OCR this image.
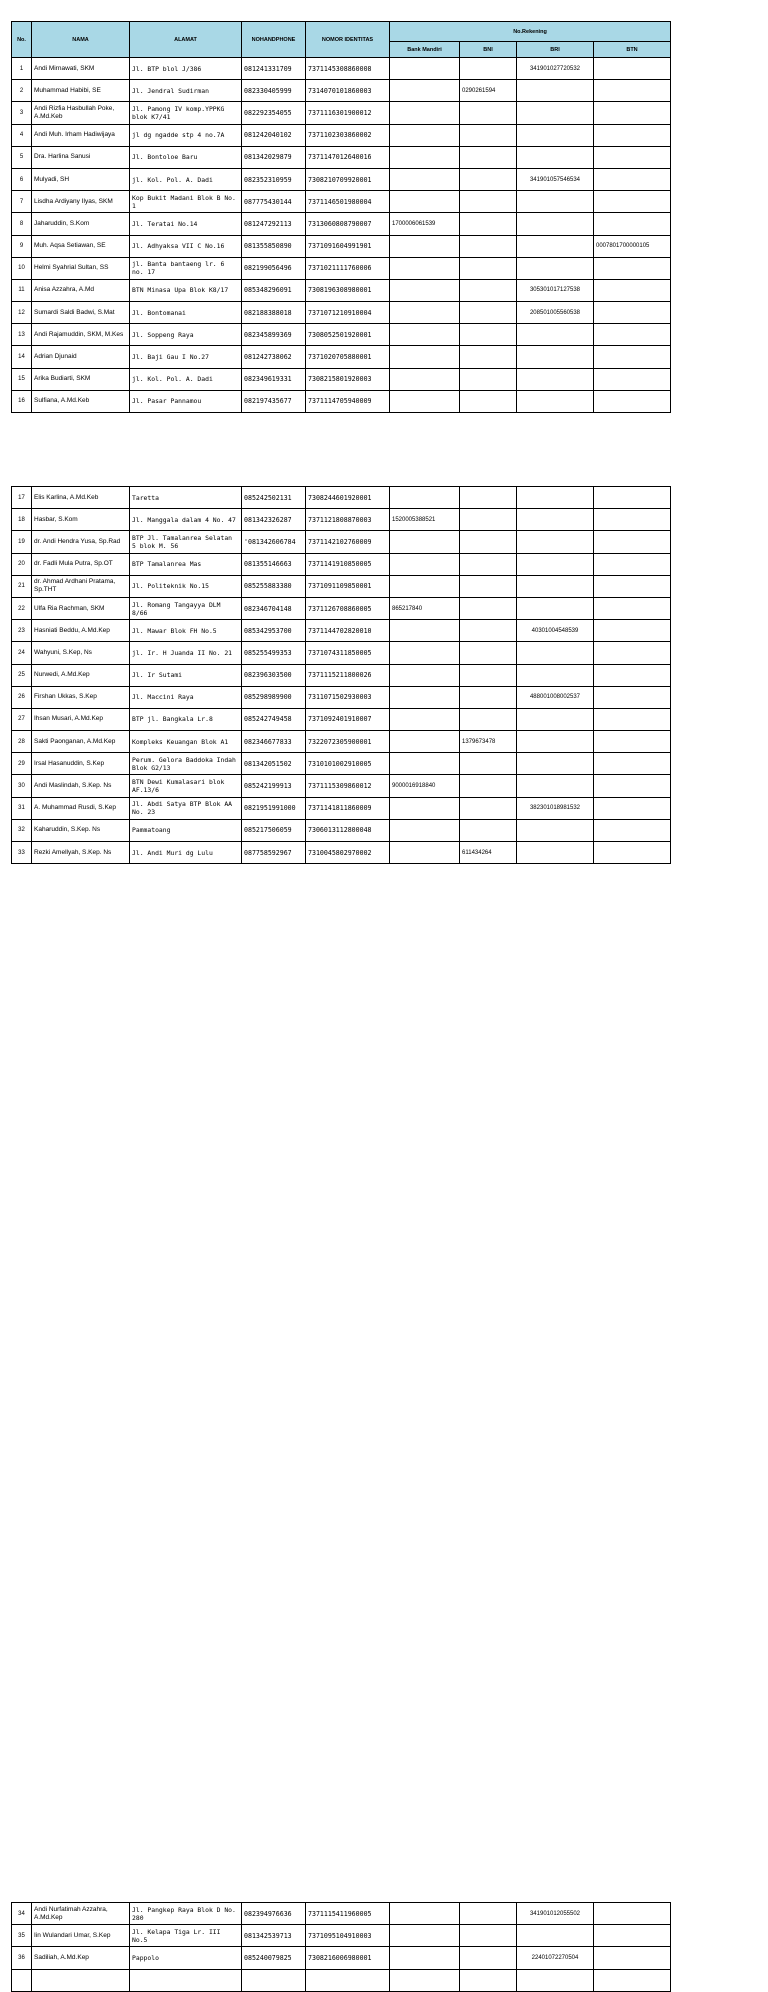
No.	NAMA	ALAMAT	NOHANDPHONE	NOMOR IDENTITAS	No.Rekening			
					Bank Mandiri	BNI	BRI	BTN
1	Andi Mirnawati, SKM	Jl. BTP blol J/386	081241331709	7371145308860008			341901027720532	
2	Muhammad Habibi, SE	Jl. Jendral Sudirman	082330405999	7314070101860003		0290261594		
3	Andi Rizfia Hasbullah Poke, A.Md.Keb	Jl. Pamong IV komp.YPPKG blok K7/41	082292354055	7371116301900012				
4	Andi Muh. Irham Hadiwijaya	jl dg ngadde stp 4 no.7A	081242040102	7371102303860002				
5	Dra. Harlina Sanusi	Jl. Bontoloe Baru	081342029879	7371147012640016				
6	Mulyadi, SH	jl. Kol. Pol. A. Dadi	082352310959	7308210709920001			341901057546534	
7	Lisdha Ardiyany Ilyas, SKM	Kop Bukit Madani Blok B No. 1	087775430144	7371146501980004				
8	Jaharuddin, S.Kom	Jl. Teratai No.14	081247292113	7313060808790007	1700006061539			
9	Muh. Aqsa Setiawan, SE	Jl. Adhyaksa VII C No.16	081355850890	7371091604991901				0007801700000105
10	Helmi Syahrial Sultan, SS	jl. Banta bantaeng lr. 6 no. 17	082199056496	7371021111760006				
11	Anisa Azzahra, A.Md	BTN Minasa Upa Blok K8/17	085348296091	7308196308980001			305301017127538	
12	Sumardi Saldi Badwi, S.Mat	Jl. Bontomanai	082188388018	7371071210910004			208501005560538	
13	Andi Rajamuddin, SKM, M.Kes	Jl. Soppeng Raya	082345899369	7308052501920001				
14	Adrian Djunaid	Jl. Baji Gau I No.27	081242738062	7371020705880001				
15	Arika Budiarti, SKM	jl. Kol. Pol. A. Dadi	082349619331	7308215801920003				
16	Sulfiana, A.Md.Keb	Jl. Pasar Pannamou	082197435677	7371114705940009				
17	Elis Karlina, A.Md.Keb	Taretta	085242502131	7308244601920001				
18	Hasbar, S.Kom	Jl. Manggala dalam 4 No. 47	081342326287	7371121808870003	1520005388521			
19	dr. Andi Hendra Yusa, Sp.Rad	BTP Jl. Tamalanrea Selatan 5 blok M. 56	'081342606784	7371142102760009				
20	dr. Fadli Mula Putra, Sp.OT	BTP Tamalanrea Mas	081355146663	7371141910850005				
21	dr. Ahmad Ardhani Pratama, Sp.THT	Jl. Politeknik No.15	085255883380	7371091109850001				
22	Ulfa Ria Rachman, SKM	Jl. Romang Tangayya DLM 8/66	082346704148	7371126708860005	865217840			
23	Hasniati Beddu, A.Md.Kep	Jl. Mawar Blok FH No.5	085342953700	7371144702820010			40301004548539	
24	Wahyuni, S.Kep, Ns	jl. Ir. H Juanda II No. 21	085255499353	7371074311850005				
25	Nurwedi, A.Md.Kep	Jl. Ir Sutami	082396303500	7371115211800026				
26	Firshan Ukkas, S.Kep	Jl. Maccini Raya	085298989900	7311071502930003			488001008002537	
27	Ihsan Musari, A.Md.Kep	BTP jl. Bangkala Lr.8	085242749458	7371092401910007				
28	Sakti Paonganan, A.Md.Kep	Kompleks Keuangan Blok A1	082346677833	7322072305900001		1379673478		
29	Irsal Hasanuddin, S.Kep	Perum. Gelora Baddoka Indah Blok G2/13	081342051502	7310101002910005				
30	Andi Maslindah, S.Kep. Ns	BTN Dewi Kumalasari blok AF.13/6	085242199913	7371115309860012	9000016918840			
31	A. Muhammad Rusdi, S.Kep	Jl. Abdi Satya BTP Blok AA No. 23	0821951991000	7371141811860009			382301018981532	
32	Kaharuddin, S.Kep. Ns	Pammatoang	085217506059	7306013112800048				
33	Rezki Amellyah, S.Kep. Ns	Jl. Andi Muri dg Lulu	087758592967	7310045802970002		611434264		
34	Andi Nurfatimah Azzahra, A.Md.Kep	Jl. Pangkep Raya Blok D No. 280	082394976636	7371115411960005			341901012055502	
35	Iin Wulandari Umar, S.Kep	Jl. Kelapa Tiga Lr. III No.5	081342539713	7371095104910003				
36	Sadiliah, A.Md.Kep	Pappolo	085240079825	7308216006980001			22401072270504	
